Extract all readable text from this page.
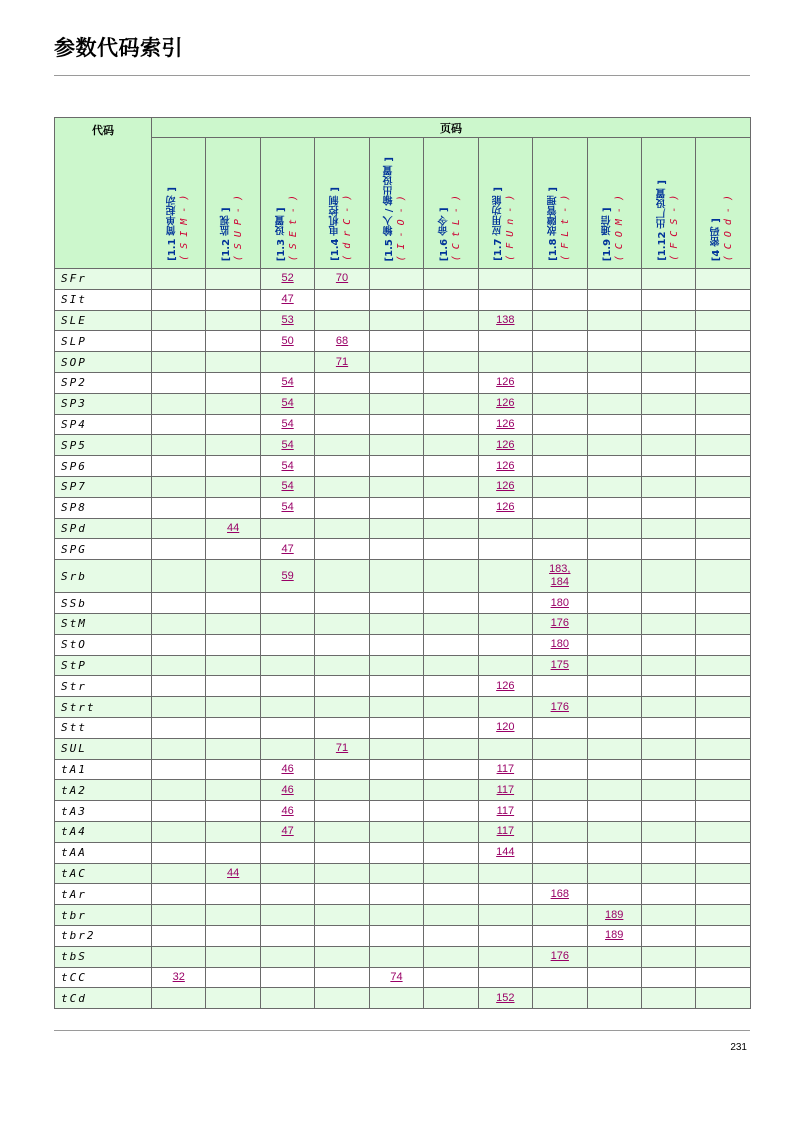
参数代码索引
代码	页码										

	[1.1 简单起动 ] ( S I M - )	[1.2 监视 ] ( S U P - )	[1.3 设置 ] ( S E t - )	[1.4 电机控制 ] ( d r C - )	[1.5 输入 / 输出设置 ] ( I - O - )	[1.6 命令 ] ( C t L - )	[1.7 应用功能 ] ( F U n - )	[1.8 故障管理 ] ( F L t - )	[1.9 通信 ] ( C O M - )	[1.12 出厂设置 ] ( F C S - )	[4 密码 ] ( C O d - )

SFr			52	70							

SIt			47								

SLE			53				138				

SLP			50	68							

SOP				71							

SP2			54				126				

SP3			54				126				

SP4			54				126				

SP5			54				126				

SP6			54				126				

SP7			54				126				

SP8			54				126				

SPd		44									

SPG			47								

Srb			59					183,
184			

SSb								180			

StM								176			

StO								180			

StP								175			

Str							126				

Strt								176			

Stt							120				

SUL				71							

tA1			46				117				

tA2			46				117				

tA3			46				117				

tA4			47				117				

tAA							144				

tAC		44									

tAr								168			

tbr									189		

tbr2									189		

tbS								176			

tCC	32				74						

tCd							152				

231
